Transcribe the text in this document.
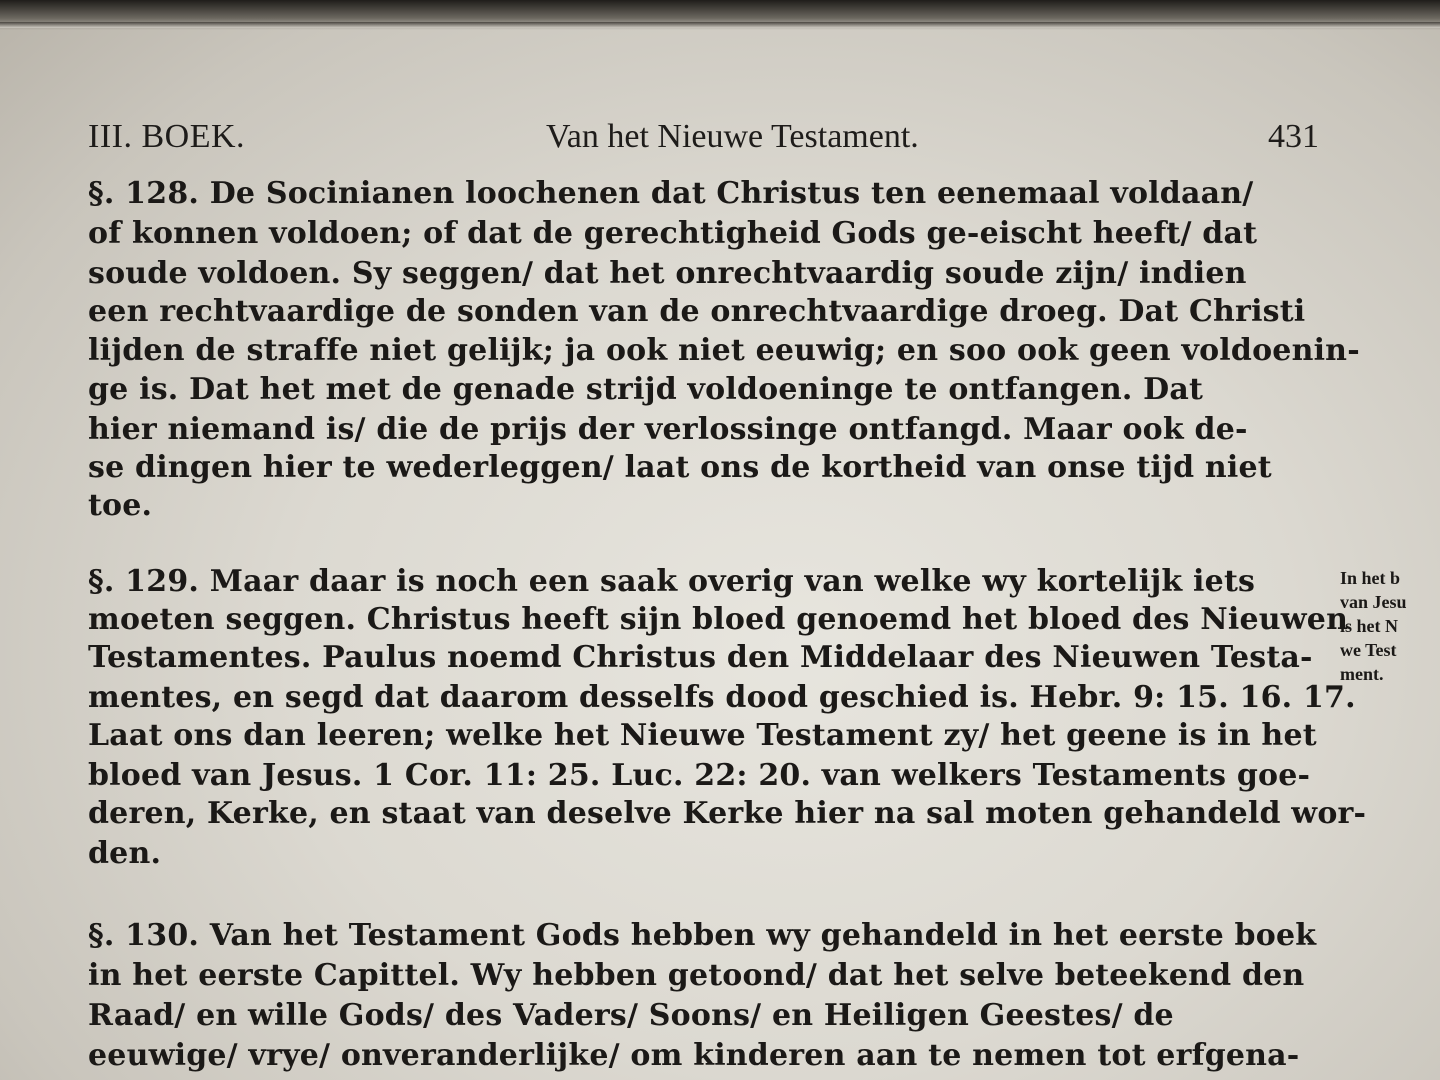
III. BOEK.	Van het Nieuwe Testament.	431
§. 128. De Socinianen loochenen dat Christus ten eenemaal voldaan/
of konnen voldoen; of dat de gerechtigheid Gods ge-eischt heeft/ dat
soude voldoen. Sy seggen/ dat het onrechtvaardig soude zijn/ indien
een rechtvaardige de sonden van de onrechtvaardige droeg. Dat Christi
lijden de straffe niet gelijk; ja ook niet eeuwig; en soo ook geen voldoenin-
ge is. Dat het met de genade strijd voldoeninge te ontfangen. Dat
hier niemand is/ die de prijs der verlossinge ontfangd. Maar ook de-
se dingen hier te wederleggen/ laat ons de kortheid van onse tijd niet
toe.
§. 129. Maar daar is noch een saak overig van welke wy kortelijk iets
moeten seggen. Christus heeft sijn bloed genoemd het bloed des Nieuwen
Testamentes. Paulus noemd Christus den Middelaar des Nieuwen Testa-
mentes, en segd dat daarom desselfs dood geschied is. Hebr. 9: 15. 16. 17.
Laat ons dan leeren; welke het Nieuwe Testament zy/ het geene is in het
bloed van Jesus. 1 Cor. 11: 25. Luc. 22: 20. van welkers Testaments goe-
deren, Kerke, en staat van deselve Kerke hier na sal moten gehandeld wor-
den.
In het b
van Jesu
is het N
we Test
ment.
§. 130. Van het Testament Gods hebben wy gehandeld in het eerste boek
in het eerste Capittel. Wy hebben getoond/ dat het selve beteekend den
Raad/ en wille Gods/ des Vaders/ Soons/ en Heiligen Geestes/ de
eeuwige/ vrye/ onveranderlijke/ om kinderen aan te nemen tot erfgena-
